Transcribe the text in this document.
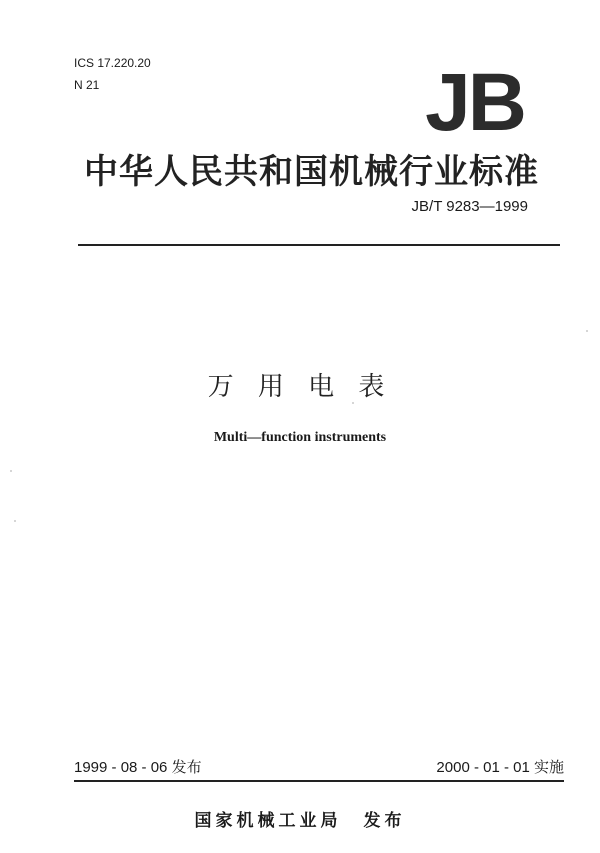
ICS 17.220.20
N 21	JB
中华人民共和国机械行业标准
JB/T 9283—1999
万 用 电 表
Multi—function instruments
1999 - 08 - 06 发布	2000 - 01 - 01 实施
国家机械工业局 发布
